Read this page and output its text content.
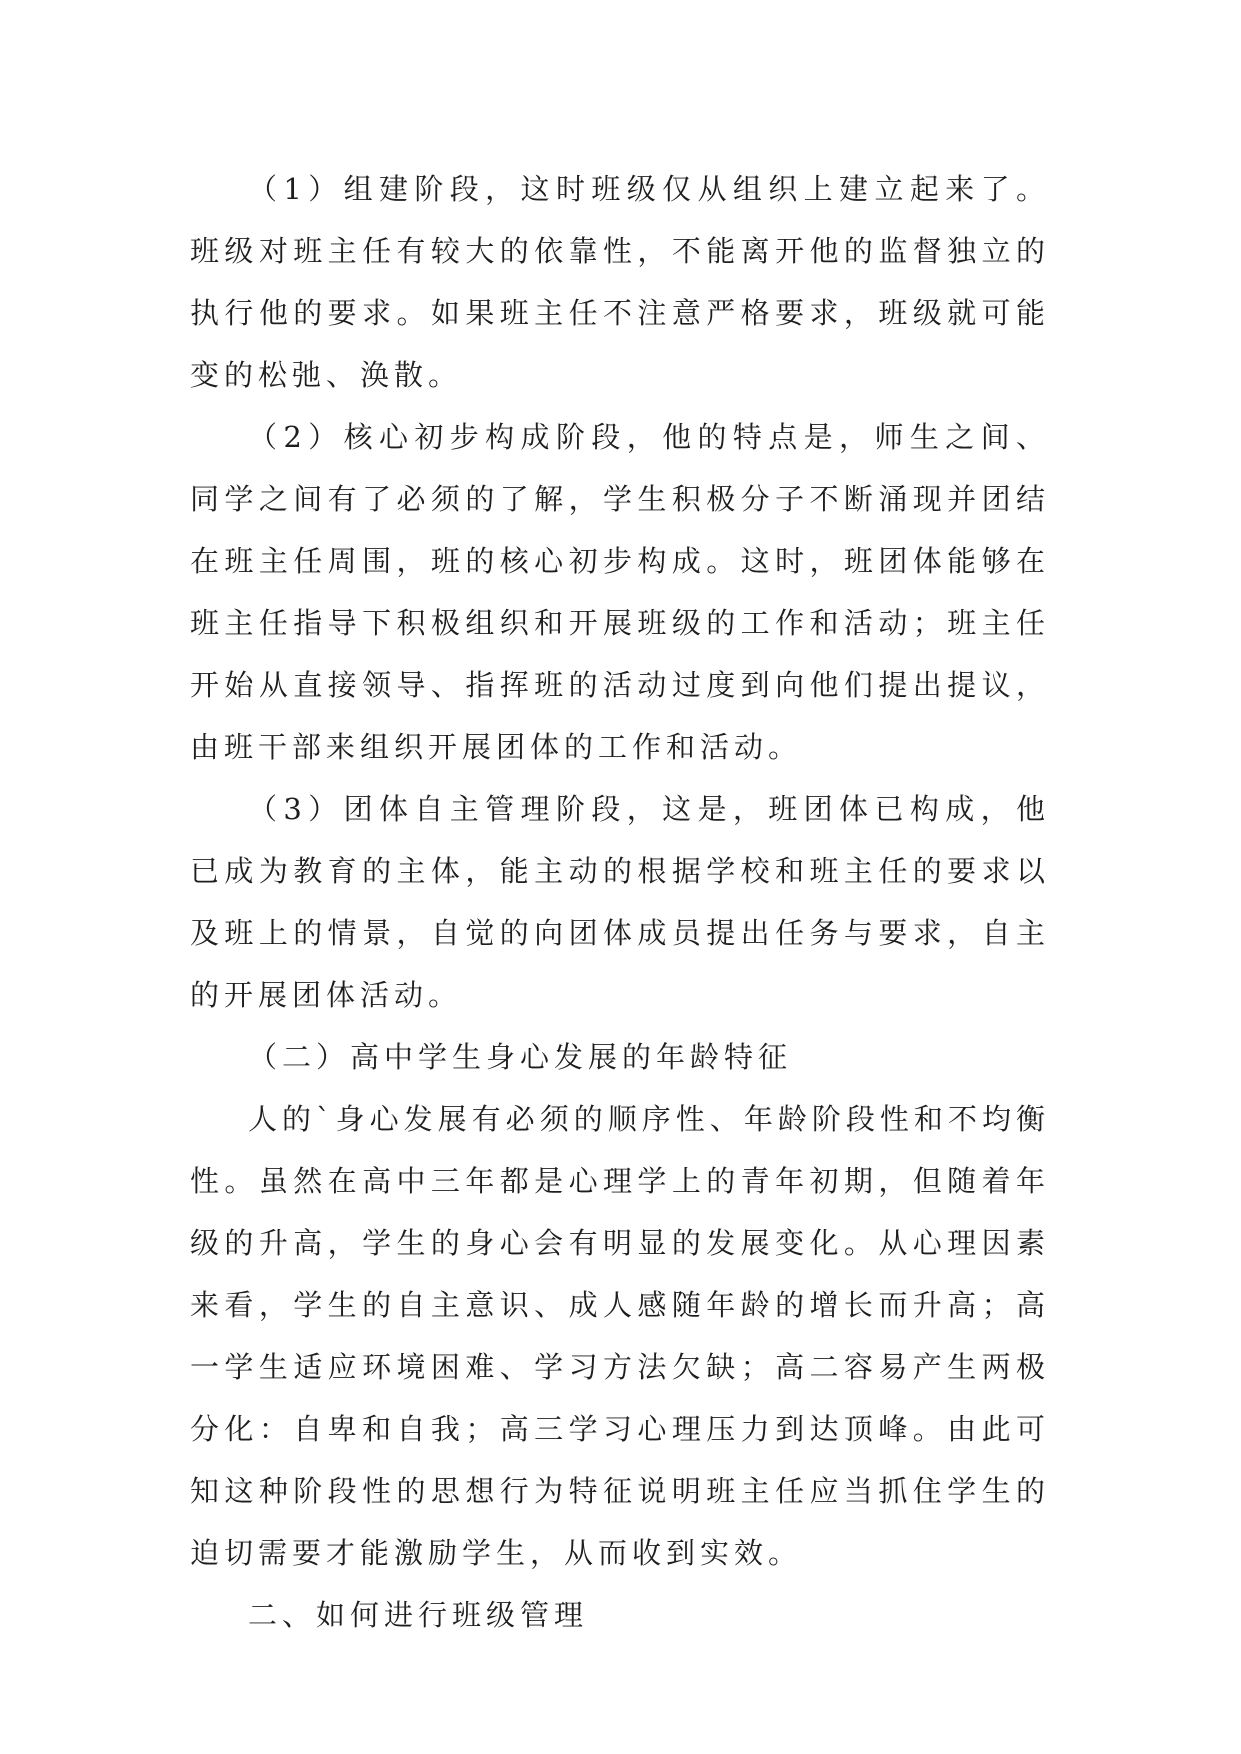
（1）组建阶段，这时班级仅从组织上建立起来了。班级对班主任有较大的依靠性，不能离开他的监督独立的执行他的要求。如果班主任不注意严格要求，班级就可能变的松弛、涣散。

（2）核心初步构成阶段，他的特点是，师生之间、同学之间有了必须的了解，学生积极分子不断涌现并团结在班主任周围，班的核心初步构成。这时，班团体能够在班主任指导下积极组织和开展班级的工作和活动；班主任开始从直接领导、指挥班的活动过度到向他们提出提议，由班干部来组织开展团体的工作和活动。

（3）团体自主管理阶段，这是，班团体已构成，他已成为教育的主体，能主动的根据学校和班主任的要求以及班上的情景，自觉的向团体成员提出任务与要求，自主的开展团体活动。

（二）高中学生身心发展的年龄特征

人的`身心发展有必须的顺序性、年龄阶段性和不均衡性。虽然在高中三年都是心理学上的青年初期，但随着年级的升高，学生的身心会有明显的发展变化。从心理因素来看，学生的自主意识、成人感随年龄的增长而升高；高一学生适应环境困难、学习方法欠缺；高二容易产生两极分化：自卑和自我；高三学习心理压力到达顶峰。由此可知这种阶段性的思想行为特征说明班主任应当抓住学生的迫切需要才能激励学生，从而收到实效。

二、如何进行班级管理
